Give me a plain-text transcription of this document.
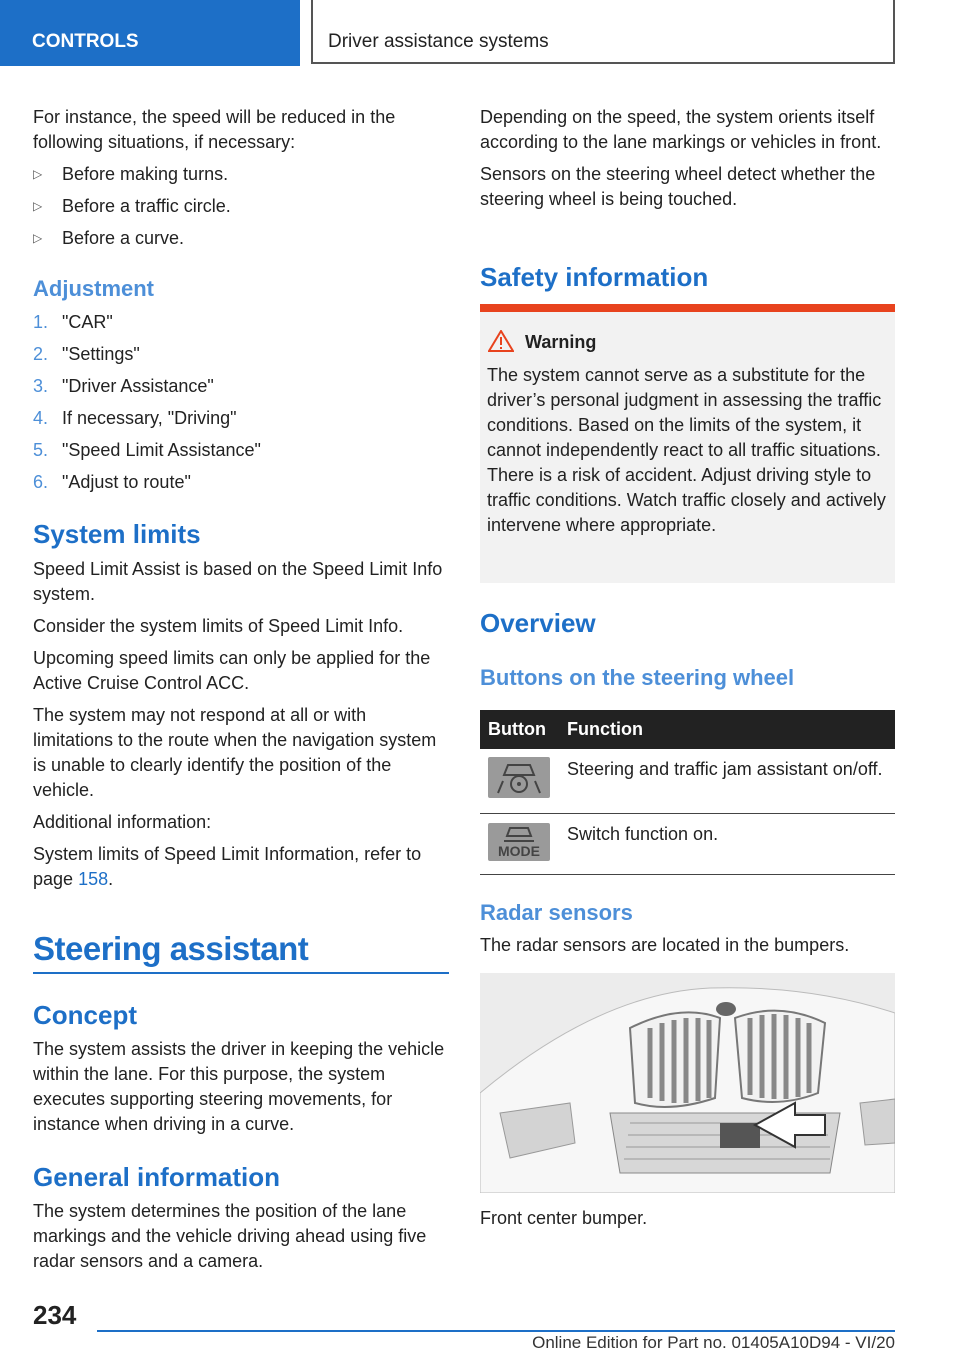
CONTROLS	Driver assistance systems

For instance, the speed will be reduced in the following situations, if necessary:

▷ Before making turns.
▷ Before a traffic circle.
▷ Before a curve.
Adjustment
1. "CAR"
2. "Settings"
3. "Driver Assistance"
4. If necessary, "Driving"
5. "Speed Limit Assistance"
6. "Adjust to route"
System limits

Speed Limit Assist is based on the Speed Limit Info system.

Consider the system limits of Speed Limit Info.

Upcoming speed limits can only be applied for the Active Cruise Control ACC.

The system may not respond at all or with limitations to the route when the navigation system is unable to clearly identify the position of the vehicle.

Additional information:

System limits of Speed Limit Information, refer to page 158.

Steering assistant
Concept
The system assists the driver in keeping the vehicle within the lane. For this purpose, the system executes supporting steering movements, for instance when driving in a curve.
General information
The system determines the position of the lane markings and the vehicle driving ahead using five radar sensors and a camera.

Depending on the speed, the system orients itself according to the lane markings or vehicles in front.

Sensors on the steering wheel detect whether the steering wheel is being touched.

Safety information
Warning
The system cannot serve as a substitute for the driver’s personal judgment in assessing the traffic conditions. Based on the limits of the system, it cannot independently react to all traffic situations. There is a risk of accident. Adjust driving style to traffic conditions. Watch traffic closely and actively intervene where appropriate.
Overview
Buttons on the steering wheel
Button Function
Steering and traffic jam assistant on/off.
MODE
Switch function on.
Radar sensors
The radar sensors are located in the bumpers.
Front center bumper.
234
Online Edition for Part no. 01405A10D94 - VI/20
